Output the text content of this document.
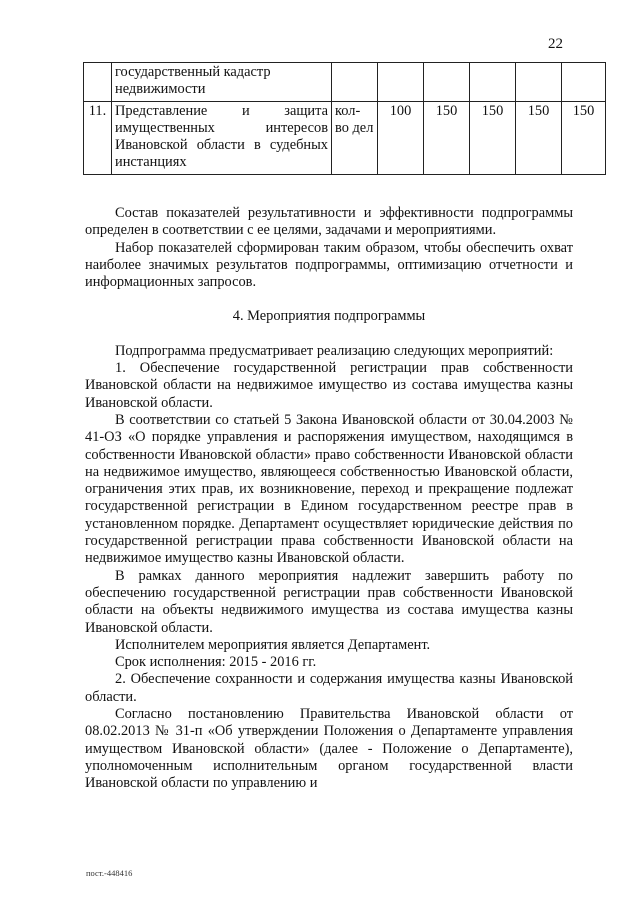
22

	государственный кадастр
недвижимости						

11.	Представление и защита
имущественных интересов
Ивановской области в судебных
инстанциях	кол-во дел	100	150	150	150	150

Состав показателей результативности и эффективности подпрограммы определен в соответствии с ее целями, задачами и мероприятиями.

Набор показателей сформирован таким образом, чтобы обеспечить охват наиболее значимых результатов подпрограммы, оптимизацию отчетности и информационных запросов.

4. Мероприятия подпрограммы

Подпрограмма предусматривает реализацию следующих мероприятий:

1. Обеспечение государственной регистрации прав собственности Ивановской области на недвижимое имущество из состава имущества казны Ивановской области.

В соответствии со статьей 5 Закона Ивановской области от 30.04.2003 № 41-ОЗ «О порядке управления и распоряжения имуществом, находящимся в собственности Ивановской области» право собственности Ивановской области на недвижимое имущество, являющееся собственностью Ивановской области, ограничения этих прав, их возникновение, переход и прекращение подлежат государственной регистрации в Едином государственном реестре прав в установленном порядке. Департамент осуществляет юридические действия по государственной регистрации права собственности Ивановской области на недвижимое имущество казны Ивановской области.

В рамках данного мероприятия надлежит завершить работу по обеспечению государственной регистрации прав собственности Ивановской области на объекты недвижимого имущества из состава имущества казны Ивановской области.

Исполнителем мероприятия является Департамент.

Срок исполнения: 2015 - 2016 гг.

2. Обеспечение сохранности и содержания имущества казны Ивановской области.

Согласно постановлению Правительства Ивановской области от 08.02.2013 № 31-п «Об утверждении Положения о Департаменте управления имуществом Ивановской области» (далее - Положение о Департаменте), уполномоченным исполнительным органом государственной власти Ивановской области по управлению и

пост.-448416
